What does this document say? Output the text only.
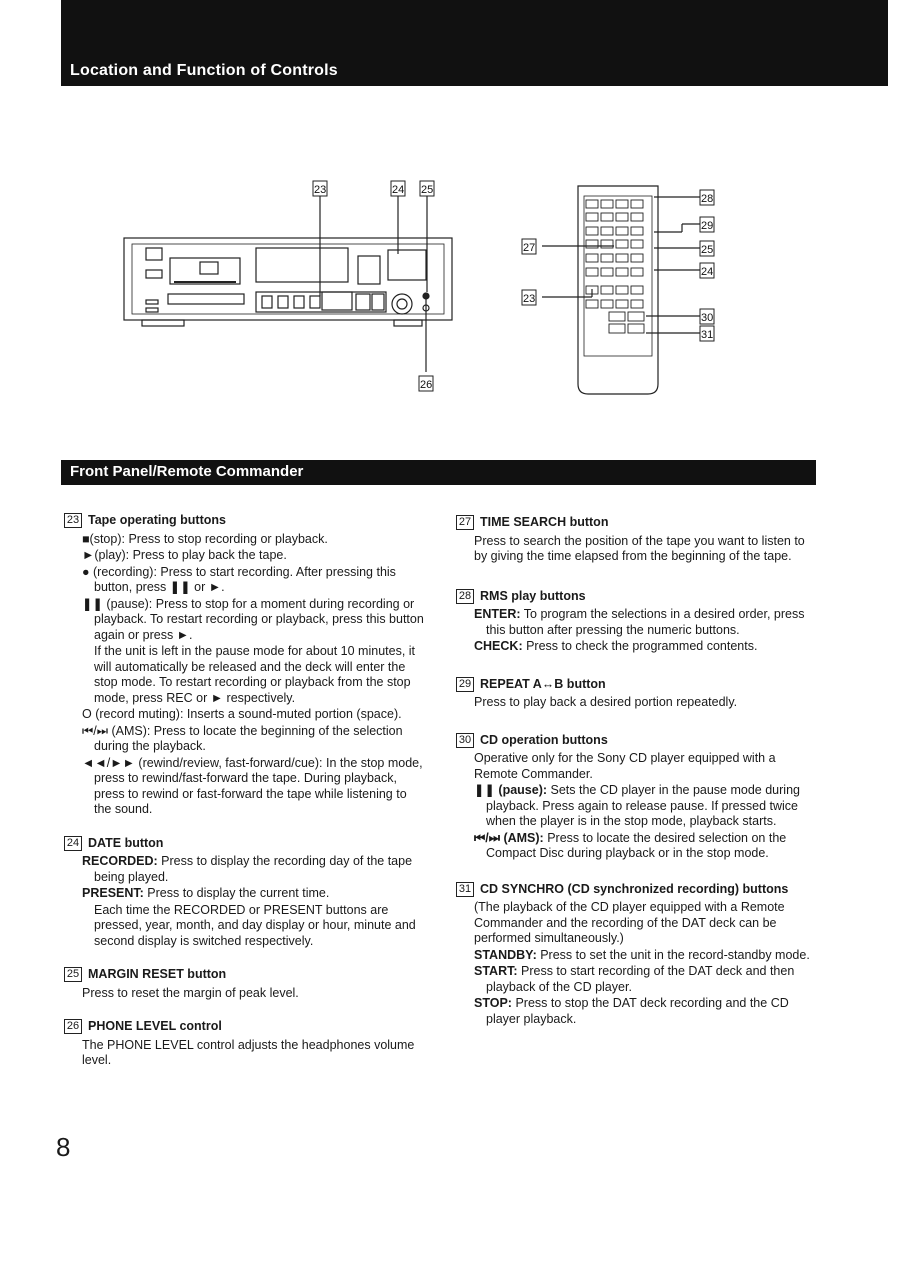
Location and Function of Controls
23	24 25
26
28
29
25
24
27
23
30
31
Front Panel/Remote Commander
23 Tape operating buttons

■(stop): Press to stop recording or playback.

►(play): Press to play back the tape.

● (recording): Press to start recording. After pressing this button, press ❚❚ or ►.

❚❚ (pause): Press to stop for a moment during recording or playback. To restart recording or playback, press this button again or press ►.

If the unit is left in the pause mode for about 10 minutes, it will automatically be released and the deck will enter the stop mode. To restart recording or playback from the stop mode, press REC or ► respectively.

O (record muting): Inserts a sound-muted portion (space).

⏮/⏭ (AMS): Press to locate the beginning of the selection during the playback.

◄◄/►► (rewind/review, fast-forward/cue): In the stop mode, press to rewind/fast-forward the tape. During playback, press to rewind or fast-forward the tape while listening to the sound.

24 DATE button

RECORDED: Press to display the recording day of the tape being played.

PRESENT: Press to display the current time.

Each time the RECORDED or PRESENT buttons are pressed, year, month, and day display or hour, minute and second display is switched respectively.

25 MARGIN RESET button

Press to reset the margin of peak level.

26 PHONE LEVEL control

The PHONE LEVEL control adjusts the headphones volume level.

27 TIME SEARCH button

Press to search the position of the tape you want to listen to by giving the time elapsed from the beginning of the tape.

28 RMS play buttons

ENTER: To program the selections in a desired order, press this button after pressing the numeric buttons.

CHECK: Press to check the programmed contents.

29 REPEAT A↔B button

Press to play back a desired portion repeatedly.

30 CD operation buttons

Operative only for the Sony CD player equipped with a Remote Commander.

❚❚ (pause): Sets the CD player in the pause mode during playback. Press again to release pause. If pressed twice when the player is in the stop mode, playback starts.

⏮/⏭ (AMS): Press to locate the desired selection on the Compact Disc during playback or in the stop mode.

31 CD SYNCHRO (CD synchronized recording) buttons

(The playback of the CD player equipped with a Remote Commander and the recording of the DAT deck can be performed simultaneously.)

STANDBY: Press to set the unit in the record-standby mode.

START: Press to start recording of the DAT deck and then playback of the CD player.

STOP: Press to stop the DAT deck recording and the CD player playback.

8
